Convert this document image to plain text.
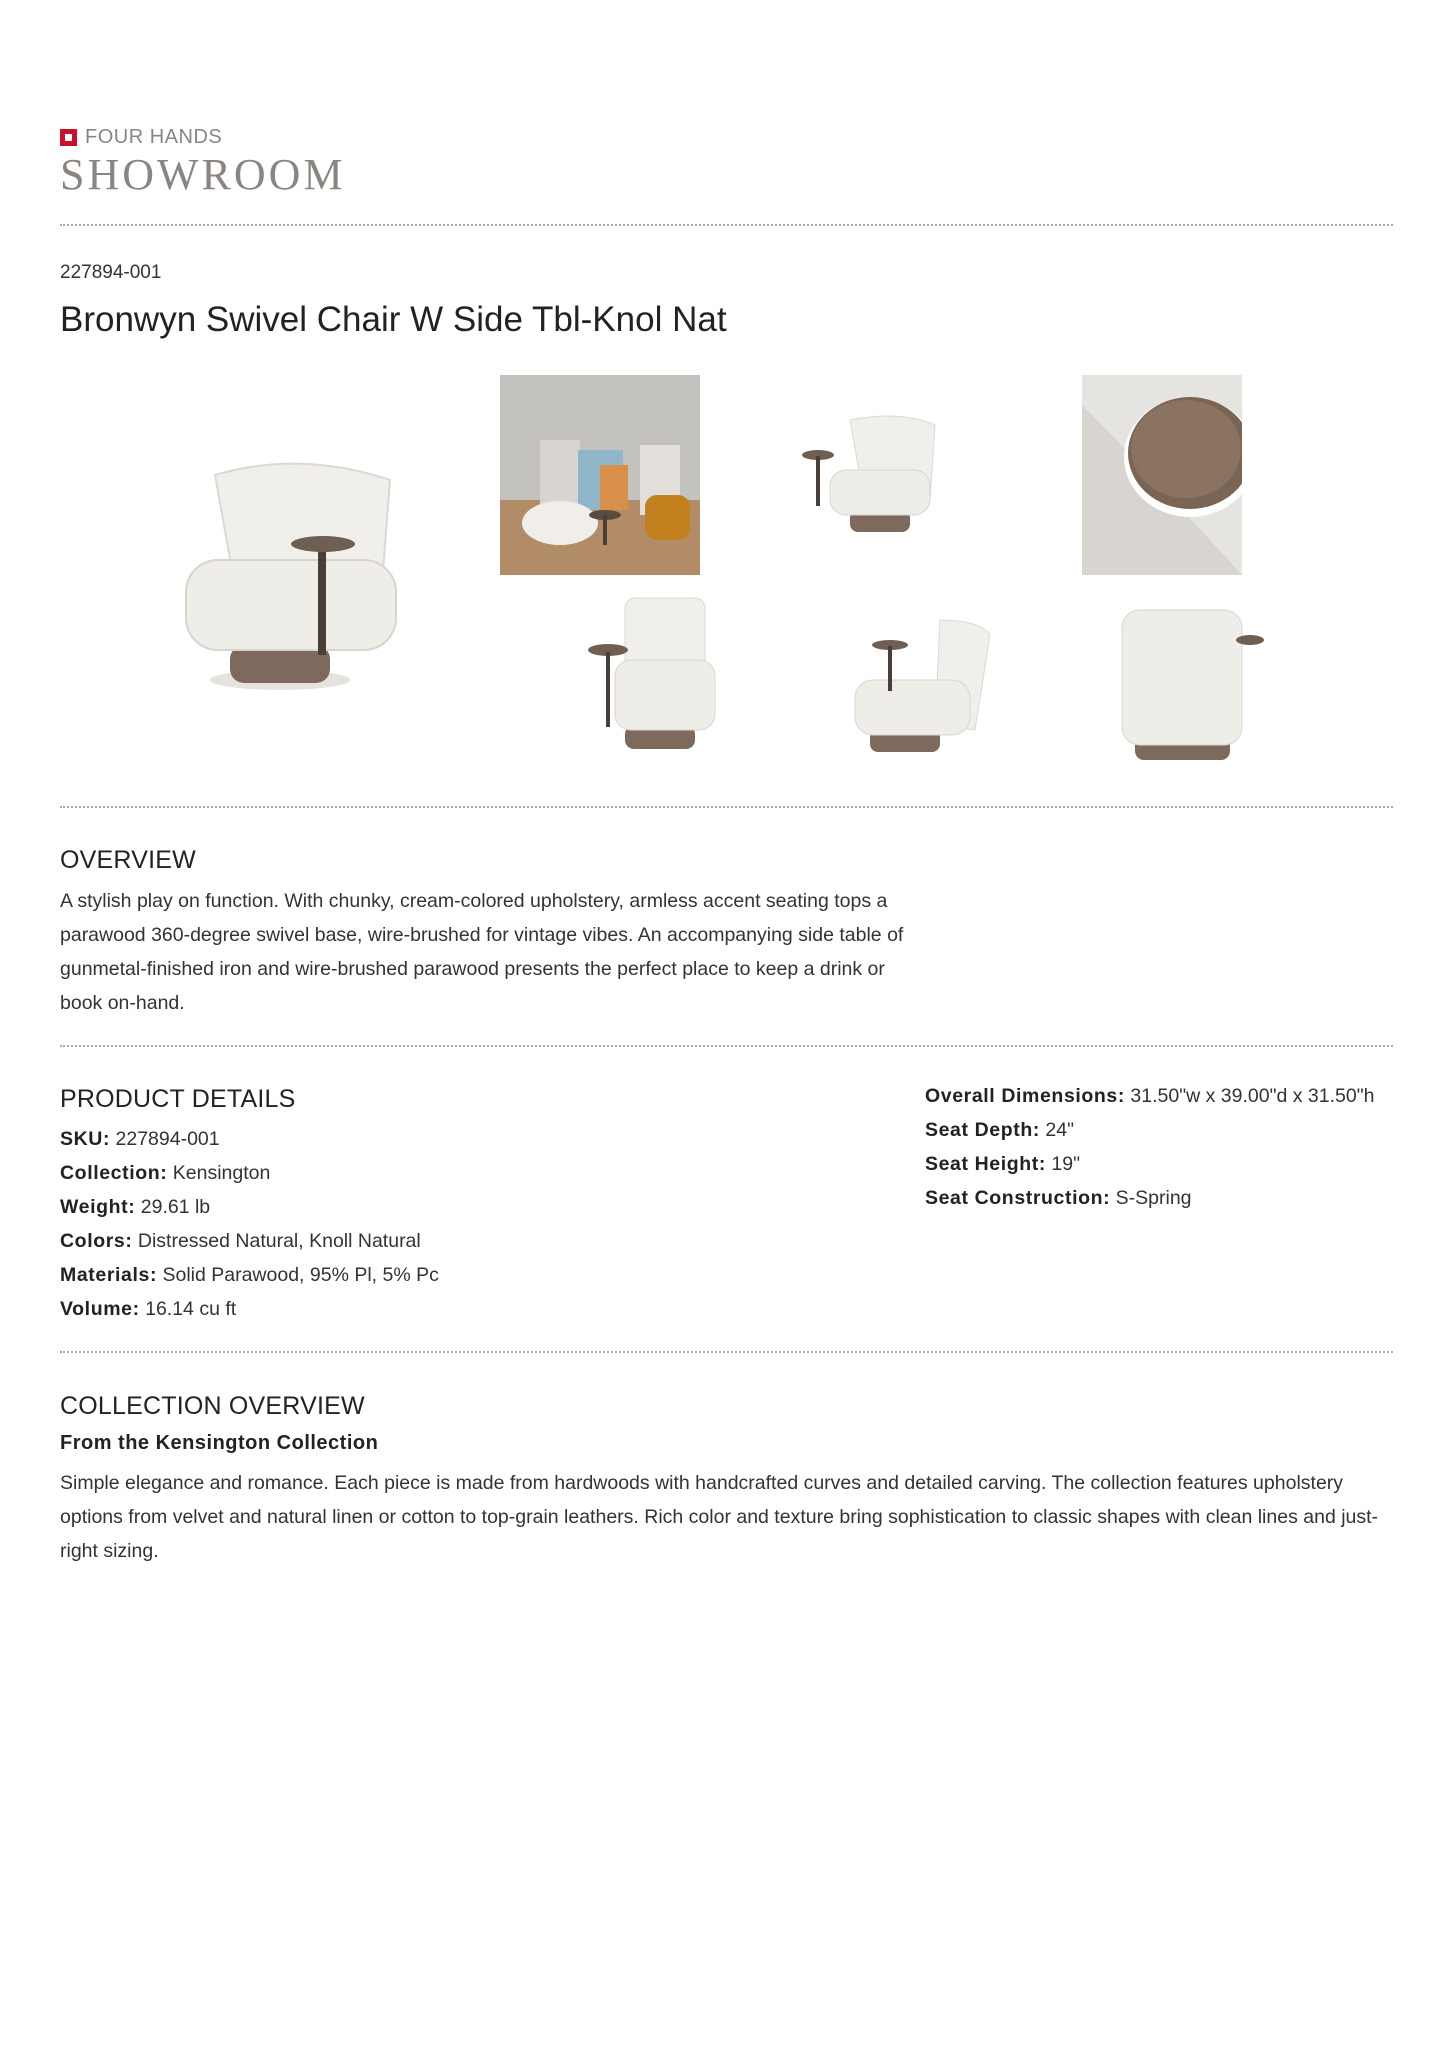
FOUR HANDS
SHOWROOM
227894-001
Bronwyn Swivel Chair W Side Tbl-Knol Nat
OVERVIEW
A stylish play on function. With chunky, cream-colored upholstery, armless accent seating tops a parawood 360-degree swivel base, wire-brushed for vintage vibes. An accompanying side table of gunmetal-finished iron and wire-brushed parawood presents the perfect place to keep a drink or book on-hand.
PRODUCT DETAILS
SKU: 227894-001
Collection: Kensington
Weight: 29.61 lb
Colors: Distressed Natural, Knoll Natural
Materials: Solid Parawood, 95% Pl, 5% Pc
Volume: 16.14 cu ft
Overall Dimensions: 31.50"w x 39.00"d x 31.50"h
Seat Depth: 24"
Seat Height: 19"
Seat Construction: S-Spring
COLLECTION OVERVIEW
From the Kensington Collection
Simple elegance and romance. Each piece is made from hardwoods with handcrafted curves and detailed carving. The collection features upholstery options from velvet and natural linen or cotton to top-grain leathers. Rich color and texture bring sophistication to classic shapes with clean lines and just-right sizing.
